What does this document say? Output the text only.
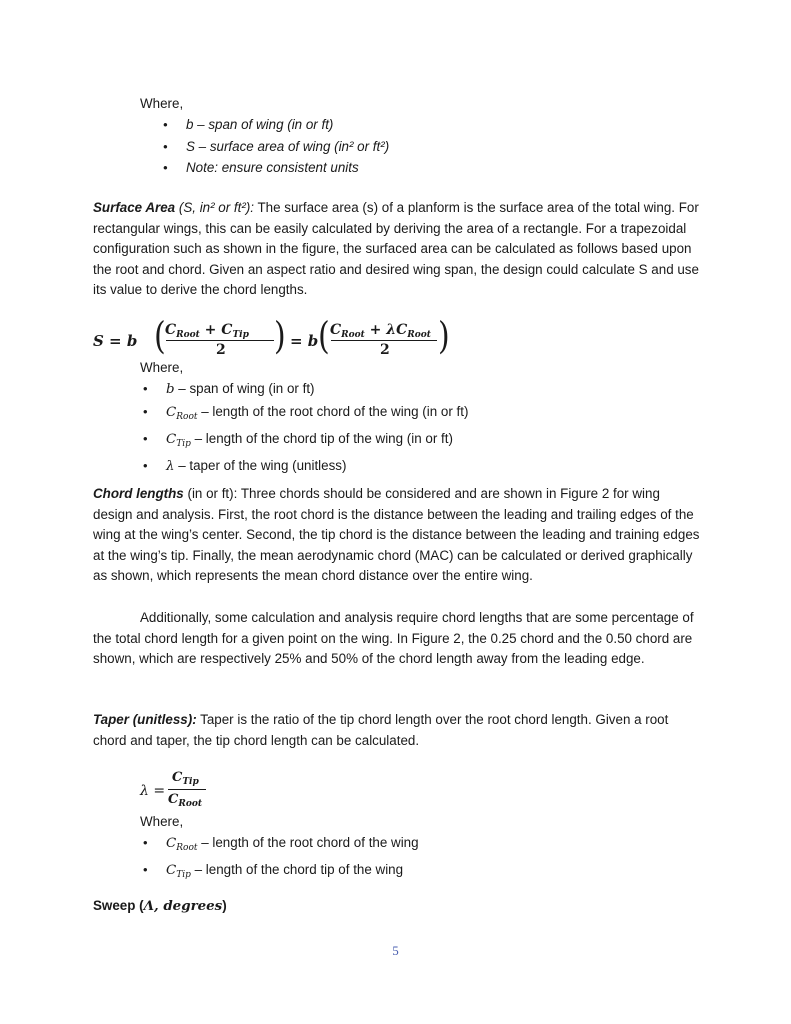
Where,
• b – span of wing (in or ft)
• S – surface area of wing (in² or ft²)
• Note: ensure consistent units

Surface Area (S, in² or ft²): The surface area (s) of a planform is the surface area of the total wing. For rectangular wings, this can be easily calculated by deriving the area of a rectangle. For a trapezoidal configuration such as shown in the figure, the surfaced area can be calculated as follows based upon the root and chord. Given an aspect ratio and desired wing span, the design could calculate S and use its value to derive the chord lengths.

S = b ( $C_{Root} + C_{Tip}$
2 ) = b ( $C_{Root} + \lambda C_{Root}$
2 )
Where,
• b – span of wing (in or ft)
• $C_{Root}$ – length of the root chord of the wing (in or ft)
• $C_{Tip}$ – length of the chord tip of the wing (in or ft)
• λ – taper of the wing (unitless)

Chord lengths (in or ft): Three chords should be considered and are shown in Figure 2 for wing design and analysis. First, the root chord is the distance between the leading and trailing edges of the wing at the wing’s center. Second, the tip chord is the distance between the leading and training edges at the wing’s tip. Finally, the mean aerodynamic chord (MAC) can be calculated or derived graphically as shown, which represents the mean chord distance over the entire wing.

Additionally, some calculation and analysis require chord lengths that are some percentage of the total chord length for a given point on the wing. In Figure 2, the 0.25 chord and the 0.50 chord are shown, which are respectively 25% and 50% of the chord length away from the leading edge.

Taper (unitless): Taper is the ratio of the tip chord length over the root chord length. Given a root chord and taper, the tip chord length can be calculated.

λ =
$C_{Tip}$
$C_{Root}$
Where,
• $C_{Root}$ – length of the root chord of the wing
• $C_{Tip}$ – length of the chord tip of the wing
Sweep (Λ, degrees)
5
